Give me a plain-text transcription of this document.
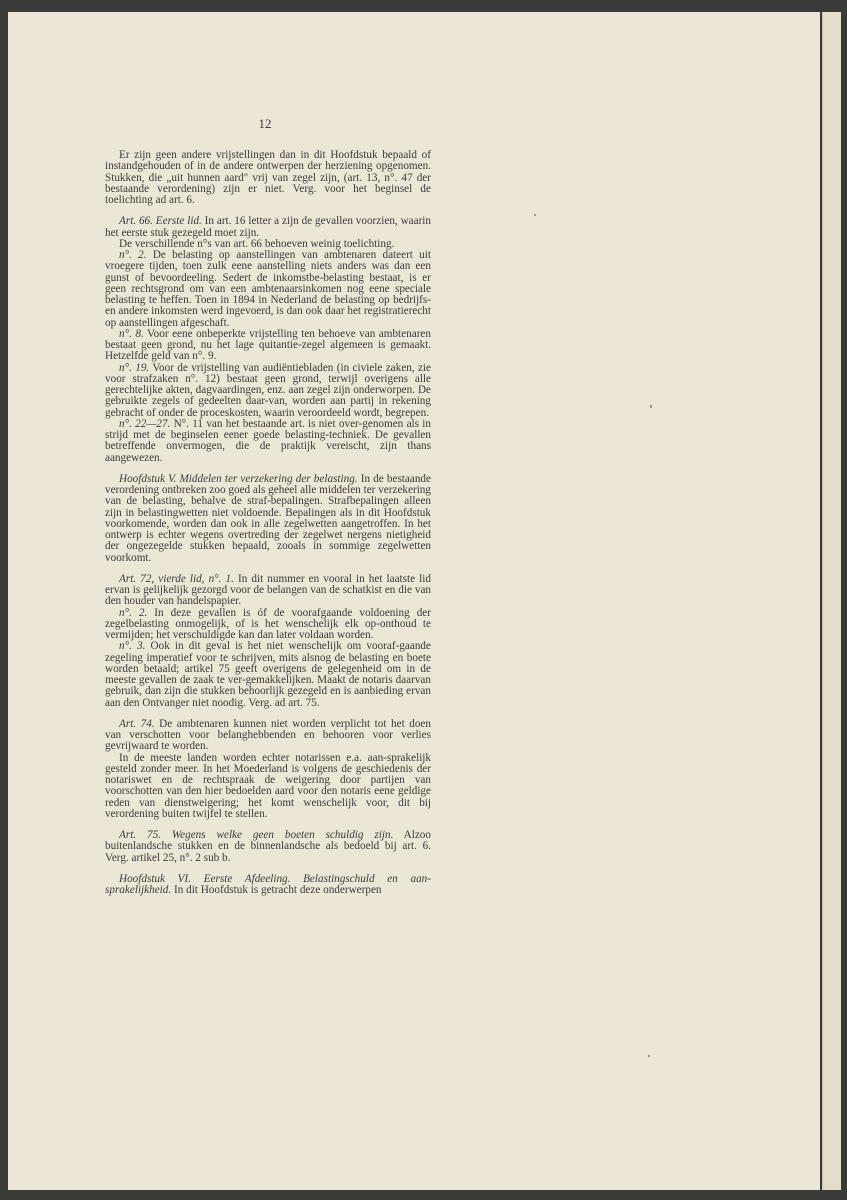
12

Er zijn geen andere vrijstellingen dan in dit Hoofdstuk bepaald of instandgehouden of in de andere ontwerpen der herziening opgenomen. Stukken, die „uit hunnen aard" vrij van zegel zijn, (art. 13, n°. 47 der bestaande verordening) zijn er niet. Verg. voor het beginsel de toelichting ad art. 6.

Art. 66. Eerste lid. In art. 16 letter a zijn de gevallen voorzien, waarin het eerste stuk gezegeld moet zijn.

De verschillende n°s van art. 66 behoeven weinig toelichting.

n°. 2. De belasting op aanstellingen van ambtenaren dateert uit vroegere tijden, toen zulk eene aanstelling niets anders was dan een gunst of bevoordeeling. Sedert de inkomstbe-belasting bestaat, is er geen rechtsgrond om van een ambtenaarsinkomen nog eene speciale belasting te heffen. Toen in 1894 in Nederland de belasting op bedrijfs- en andere inkomsten werd ingevoerd, is dan ook daar het registratierecht op aanstellingen afgeschaft.

n°. 8. Voor eene onbeperkte vrijstelling ten behoeve van ambtenaren bestaat geen grond, nu het lage quitantie-zegel algemeen is gemaakt. Hetzelfde geld van n°. 9.

n°. 19. Voor de vrijstelling van audiëntiebladen (in civiele zaken, zie voor strafzaken n°. 12) bestaat geen grond, terwijl overigens alle gerechtelijke akten, dagvaardingen, enz. aan zegel zijn onderworpen. De gebruikte zegels of gedeelten daar-van, worden aan partij in rekening gebracht of onder de proceskosten, waarin veroordeeld wordt, begrepen.

n°. 22—27. N°. 11 van het bestaande art. is niet over-genomen als in strijd met de beginselen eener goede belasting-techniek. De gevallen betreffende onvermogen, die de praktijk vereischt, zijn thans aangewezen.

Hoofdstuk V. Middelen ter verzekering der belasting. In de bestaande verordening ontbreken zoo goed als geheel alle middelen ter verzekering van de belasting, behalve de straf-bepalingen. Strafbepalingen alleen zijn in belastingwetten niet voldoende. Bepalingen als in dit Hoofdstuk voorkomende, worden dan ook in alle zegelwetten aangetroffen. In het ontwerp is echter wegens overtreding der zegelwet nergens nietigheid der ongezegelde stukken bepaald, zooals in sommige zegelwetten voorkomt.

Art. 72, vierde lid, n°. 1. In dit nummer en vooral in het laatste lid ervan is gelijkelijk gezorgd voor de belangen van de schatkist en die van den houder van handelspapier.

n°. 2. In deze gevallen is óf de voorafgaande voldoening der zegelbelasting onmogelijk, of is het wenschelijk elk op-onthoud te vermijden; het verschuldigde kan dan later voldaan worden.

n°. 3. Ook in dit geval is het niet wenschelijk om vooraf-gaande zegeling imperatief voor te schrijven, mits alsnog de belasting en boete worden betaald; artikel 75 geeft overigens de gelegenheid om in de meeste gevallen de zaak te ver-gemakkelijken. Maakt de notaris daarvan gebruik, dan zijn die stukken behoorlijk gezegeld en is aanbieding ervan aan den Ontvanger niet noodig. Verg. ad art. 75.

Art. 74. De ambtenaren kunnen niet worden verplicht tot het doen van verschotten voor belanghebbenden en behooren voor verlies gevrijwaard te worden.

In de meeste landen worden echter notarissen e.a. aan-sprakelijk gesteld zonder meer. In het Moederland is volgens de geschiedenis der notariswet en de rechtspraak de weigering door partijen van voorschotten van den hier bedoelden aard voor den notaris eene geldige reden van dienstweigering; het komt wenschelijk voor, dit bij verordening buiten twijfel te stellen.

Art. 75. Wegens welke geen boeten schuldig zijn. Alzoo buitenlandsche stukken en de binnenlandsche als bedoeld bij art. 6. Verg. artikel 25, n°. 2 sub b.

Hoofdstuk VI. Eerste Afdeeling. Belastingschuld en aan-sprakelijkheid. In dit Hoofdstuk is getracht deze onderwerpen
